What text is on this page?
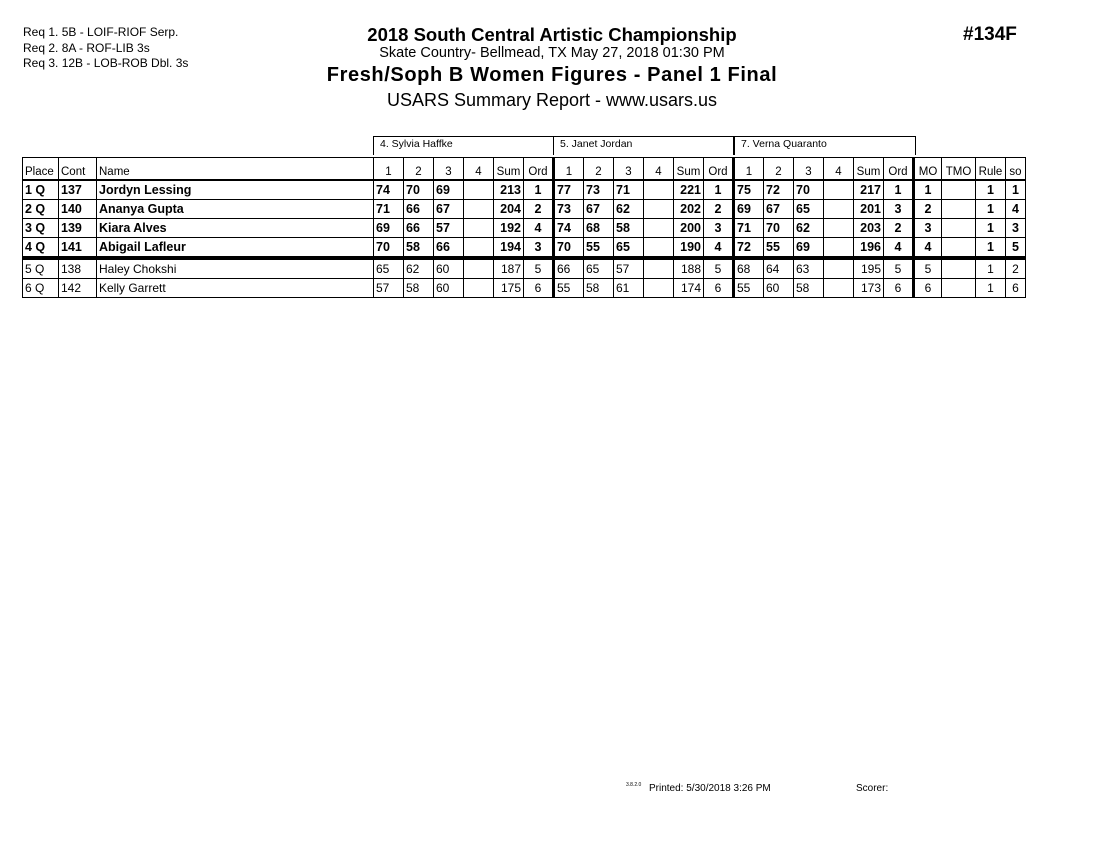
Req 1. 5B - LOIF-RIOF Serp.
Req 2. 8A - ROF-LIB 3s
Req 3. 12B - LOB-ROB Dbl. 3s
2018 South Central Artistic Championship
Skate Country- Bellmead, TX May 27, 2018 01:30 PM
Fresh/Soph B Women Figures - Panel 1 Final
USARS Summary Report - www.usars.us
#134F
4. Sylvia Haffke	5. Janet Jordan	7. Verna Quaranto
Place	Cont	Name	1	2	3	4	Sum	Ord	1	2	3	4	Sum	Ord	1	2	3	4	Sum	Ord	MO	TMO	Rule	so
1 Q	137	Jordyn Lessing	74	70	69		213	1	77	73	71		221	1	75	72	70		217	1	1		1	1
2 Q	140	Ananya Gupta	71	66	67		204	2	73	67	62		202	2	69	67	65		201	3	2		1	4
3 Q	139	Kiara Alves	69	66	57		192	4	74	68	58		200	3	71	70	62		203	2	3		1	3
4 Q	141	Abigail Lafleur	70	58	66		194	3	70	55	65		190	4	72	55	69		196	4	4		1	5
5 Q	138	Haley Chokshi	65	62	60		187	5	66	65	57		188	5	68	64	63		195	5	5		1	2
6 Q	142	Kelly Garrett	57	58	60		175	6	55	58	61		174	6	55	60	58		173	6	6		1	6
3.8.2.0 Printed: 5/30/2018 3:26 PM	Scorer:
